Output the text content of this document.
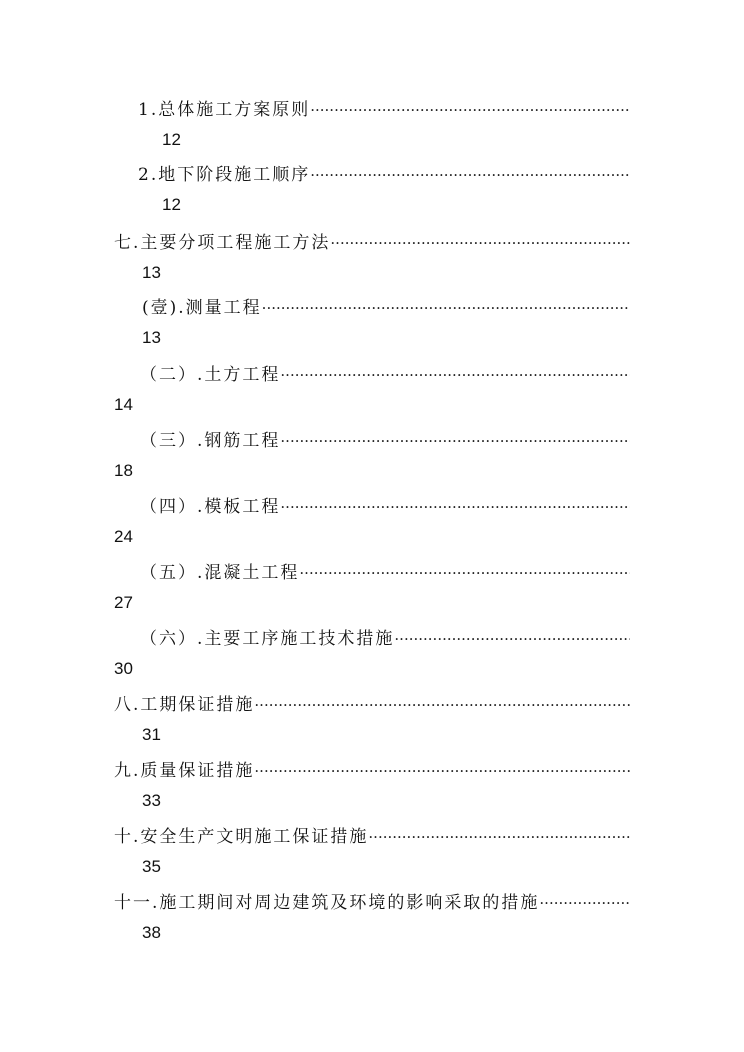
1.总体施工方案原则
·····
12
2.地下阶段施工顺序
·····
12
七.主要分项工程施工方法
·····
13
(壹).测量工程
·····
13
（二）.土方工程
·····
14
（三）.钢筋工程
·····
18
（四）.模板工程
·····
24
（五）.混凝土工程
·····
27
（六）.主要工序施工技术措施
·····
30
八.工期保证措施
·····
31
九.质量保证措施
·····
33
十.安全生产文明施工保证措施
·····
35
十一.施工期间对周边建筑及环境的影响采取的措施
·····
38
